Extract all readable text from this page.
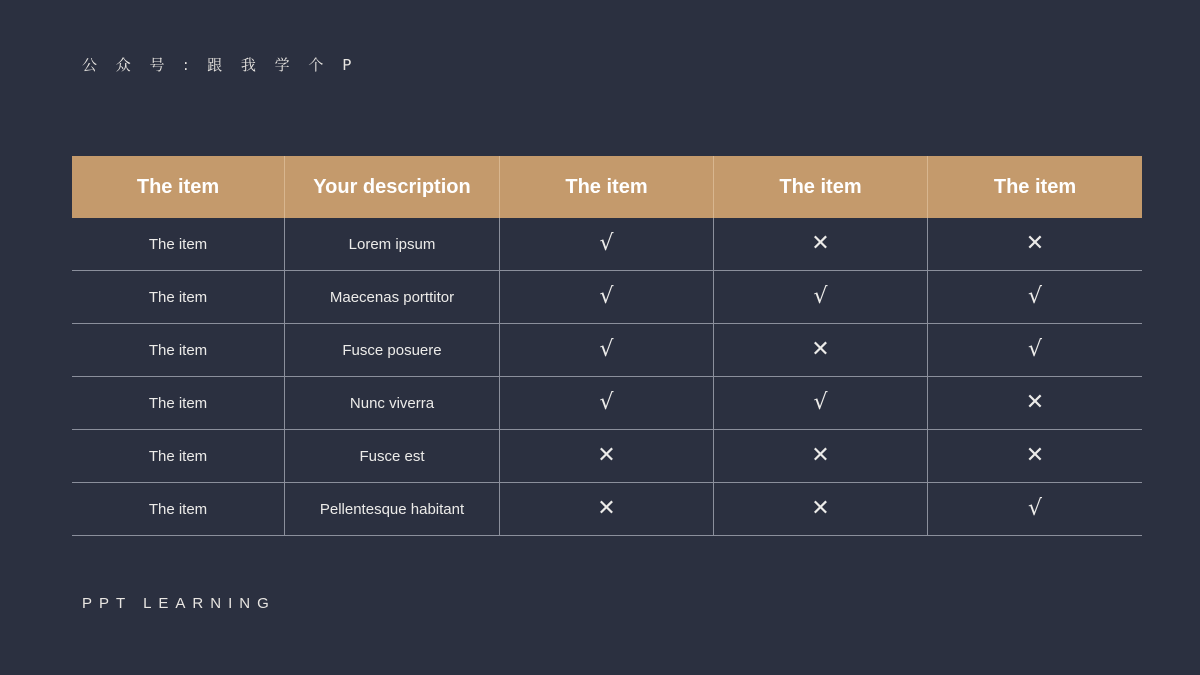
公 众 号 : 跟 我 学 个 P
The item	Your description	The item	The item	The item
The item	Lorem ipsum	√	✕	✕
The item	Maecenas porttitor	√	√	√
The item	Fusce posuere	√	✕	√
The item	Nunc viverra	√	√	✕
The item	Fusce est	✕	✕	✕
The item	Pellentesque habitant	✕	✕	√
PPT LEARNING
